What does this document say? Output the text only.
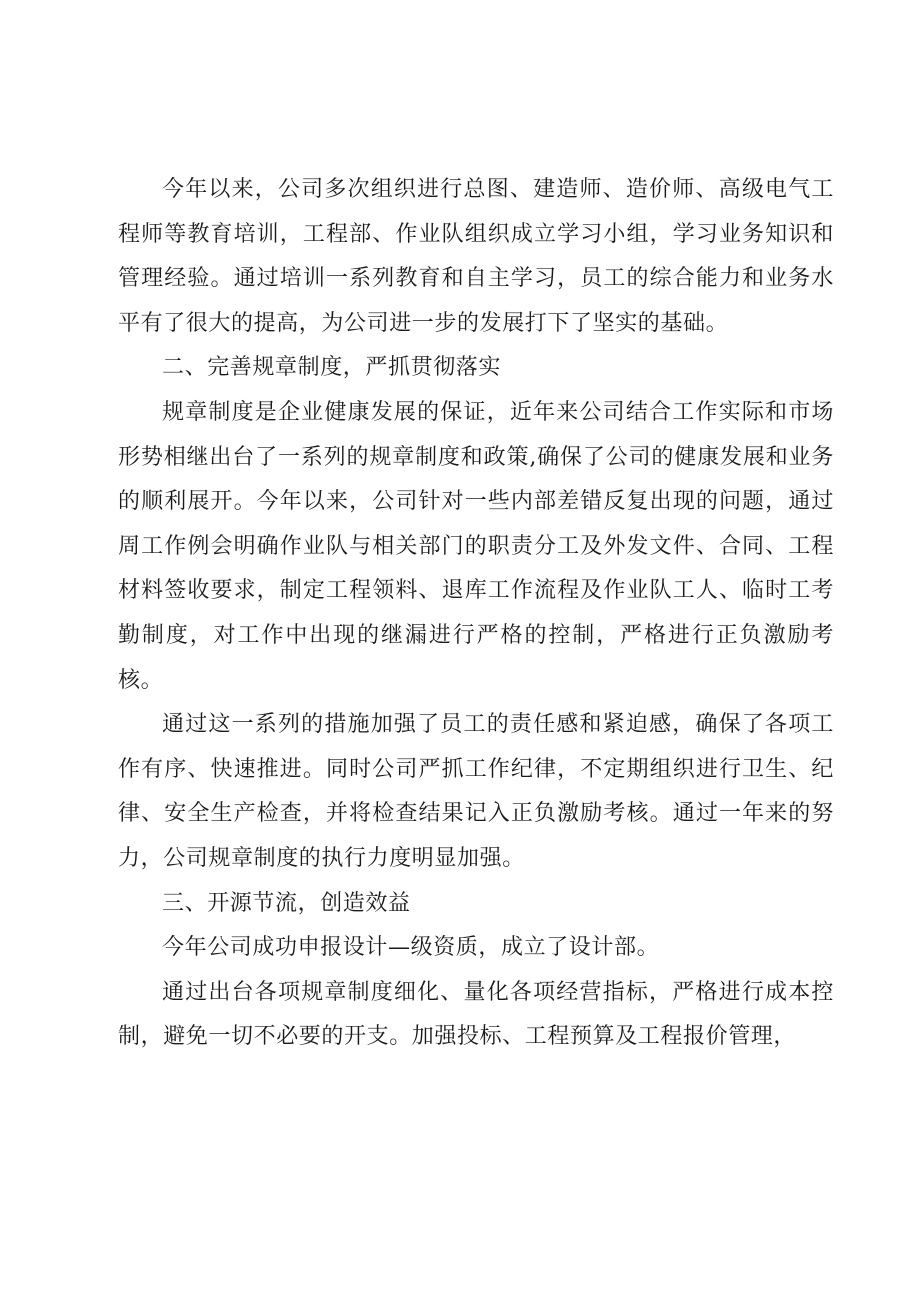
今年以来，公司多次组织进行总图、建造师、造价师、高级电气工程师等教育培训，工程部、作业队组织成立学习小组，学习业务知识和管理经验。通过培训一系列教育和自主学习，员工的综合能力和业务水平有了很大的提高，为公司进一步的发展打下了坚实的基础。

二、完善规章制度，严抓贯彻落实

规章制度是企业健康发展的保证，近年来公司结合工作实际和市场形势相继出台了一系列的规章制度和政策,确保了公司的健康发展和业务的顺利展开。今年以来，公司针对一些内部差错反复出现的问题，通过周工作例会明确作业队与相关部门的职责分工及外发文件、合同、工程材料签收要求，制定工程领料、退库工作流程及作业队工人、临时工考勤制度，对工作中出现的继漏进行严格的控制，严格进行正负激励考核。

通过这一系列的措施加强了员工的责任感和紧迫感，确保了各项工作有序、快速推进。同时公司严抓工作纪律，不定期组织进行卫生、纪律、安全生产检查，并将检查结果记入正负激励考核。通过一年来的努力，公司规章制度的执行力度明显加强。

三、开源节流，创造效益

今年公司成功申报设计—级资质，成立了设计部。

通过出台各项规章制度细化、量化各项经营指标，严格进行成本控制，避免一切不必要的开支。加强投标、工程预算及工程报价管理，
